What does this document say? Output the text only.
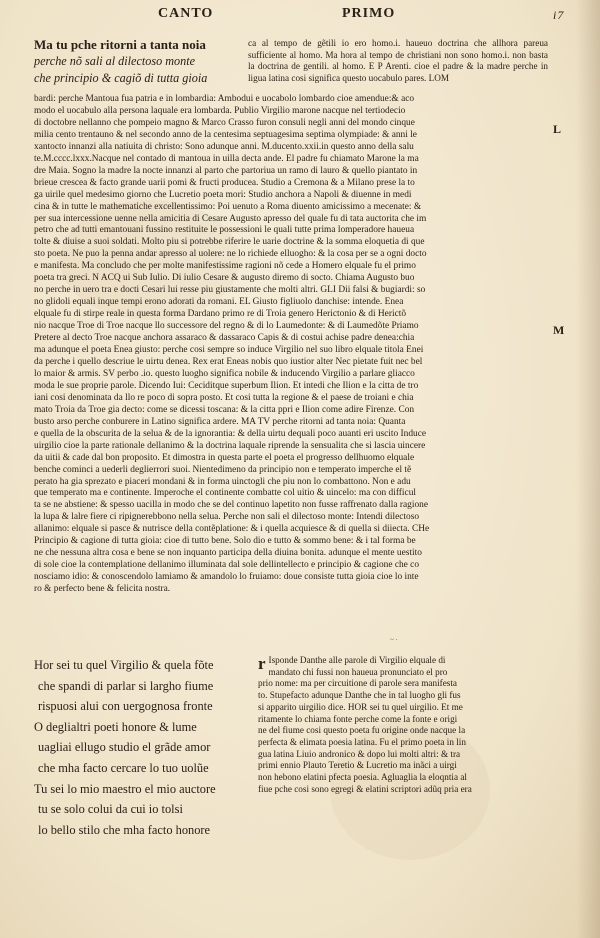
CANTO	PRIMO	i7
Ma tu pche ritorni a tanta noia
perche nõ sali al dilectoso monte
che principio & cagiõ di tutta gioia
ca al tempo de gẽtili io ero homo.i. haueuo doctrina che allhora pareua sufficiente al homo. Ma hora al tempo de christiani non sono homo.i. non basta la doctrina de gentili. al homo. E P Arenti. cioe el padre & la madre perche in ligua latina cosi significa questo uocabulo pares. LOM
bardi: perche Mantoua fua patria e in lombardia: Ambodui e uocabolo lombardo cioe amendue:& aco
modo el uocabulo alla persona laquale era lombarda. Publio Virgilio marone nacque nel tertiodecio
di doctobre nellanno che pompeio magno & Marco Crasso furon consuli negli anni del mondo cinque
milia cento trentauno & nel secondo anno de la centesima septuagesima septima olympiade: & anni le
xantocto innanzi alla natiuita di christo: Sono adunque anni. M.ducento.xxii.in questo anno della salu
te.M.cccc.lxxx.Nacque nel contado di mantoua in uilla decta ande. El padre fu chiamato Marone la ma
dre Maia. Sogno la madre la nocte innanzi al parto che partoriua un ramo di lauro & quello piantato in
brieue crescea & facto grande uarii pomi & fructi producea. Studio a Cremona & a Milano prese la to
ga uirile quel medesimo giorno che Lucretio poeta mori: Studio anchora a Napoli & diuenne in medi
cina & in tutte le mathematiche excellentissimo: Poi uenuto a Roma diuento amicissimo a mecenate: &
per sua intercessione uenne nella amicitia di Cesare Augusto apresso del quale fu di tata auctorita che im
petro che ad tutti emantouani fussino restituite le possessioni le quali tutte prima lomperadore haueua
tolte & diuise a suoi soldati. Molto piu si potrebbe riferire le uarie doctrine & la somma eloquetia di que
sto poeta. Ne puo la penna andar apresso al uolere: ne lo richiede elluogho: & la cosa per se a ogni docto
e manifesta. Ma concludo che per molte manifestissime ragioni nõ cede a Homero elquale fu el primo
poeta tra greci. N ACQ ui Sub Iulio. Di iulio Cesare & augusto diremo di socto. Chiama Augusto buo
no perche in uero tra e docti Cesari lui resse piu giustamente che molti altri. GLI Dii falsi & bugiardi: so
no glidoli equali inque tempi erono adorati da romani. EL Giusto figliuolo danchise: intende. Enea
elquale fu di stirpe reale in questa forma Dardano primo re di Troia genero Herictonio & di Herictõ
nio nacque Troe di Troe nacque llo successore del regno & di lo Laumedonte: & di Laumedõte Priamo
Pretere al decto Troe nacque anchora assaraco & dassaraco Capis & di costui achise padre denea:chia
ma adunque el poeta Enea giusto: perche cosi sempre so induce Virgilio nel suo libro elquale titola Enei
da perche i quello descriue le uirtu denea. Rex erat Eneas nobis quo iustior alter Nec pietate fuit nec bel
lo maior & armis. SV perbo .io. questo luogho significa nobile & inducendo Virgilio a parlare gliacco
moda le sue proprie parole. Dicendo Iui: Ceciditque superbum Ilion. Et intedi che Ilion e la citta de tro
iani cosi denominata da llo re poco di sopra posto. Et cosi tutta la regione & el paese de troiani e chia
mato Troia da Troe gia decto: come se dicessi toscana: & la citta ppri e Ilion come adire Firenze. Con
busto arso perche conburere in Latino significa ardere. MA TV perche ritorni ad tanta noia: Quanta
e quella de la obscurita de la selua & de la ignorantia: & della uirtu dequali poco auanti eri uscito Induce
uirgilio cioe la parte rationale dellanimo & la doctrina laquale riprende la sensualita che si lascia uincere
da uitii & cade dal bon proposito. Et dimostra in questa parte el poeta el progresso dellhuomo elquale
benche cominci a uederli deglierrori suoi. Nientedimeno da principio non e temperato imperche el tẽ
perato ha gia sprezato e piaceri mondani & in forma uinctogli che piu non lo combattono. Non e adu
que temperato ma e continente. Imperoche el continente combatte col uitio & uincelo: ma con difficul
ta se ne abstiene: & spesso uacilla in modo che se del continuo lapetito non fusse raffrenato dalla ragione
la lupa & lalre fiere ci ripignerebbono nella selua. Perche non sali el dilectoso monte: Intendi dilectoso
allanimo: elquale si pasce & nutrisce della contẽplatione: & i quella acquiesce & di quella si diiecta. CHe
Principio & cagione di tutta gioia: cioe di tutto bene. Solo dio e tutto & sommo bene: & i tal forma be
ne che nessuna altra cosa e bene se non inquanto participa della diuina bonita. adunque el mente uestito
di sole cioe la contemplatione dellanimo illuminata dal sole dellintellecto e principio & cagione che co
nosciamo idio: & conoscendolo lamiamo & amandolo lo fruiamo: doue consiste tutta gioia cioe lo inte
ro & perfecto bene & felicita nostra.
L
M
~ ·
Hor sei tu quel Virgilio & quela fõte
che spandi di parlar si largho fiume
rispuosi alui con uergognosa fronte
O deglialtri poeti honore & lume
uagliai ellugo studio el grãde amor
che mha facto cercare lo tuo uolũe
Tu sei lo mio maestro el mio auctore
tu se solo colui da cui io tolsi
lo bello stilo che mha facto honore
r Isponde Danthe alle parole di Virgilio elquale di
mandato chi fussi non haueua pronunciato el pro
prio nome: ma per circuitione di parole sera manifesta
to. Stupefacto adunque Danthe che in tal luogho gli fus
si apparito uirgilio dice. HOR sei tu quel uirgilio. Et me
ritamente lo chiama fonte perche come la fonte e origi
ne del fiume cosi questo poeta fu origine onde nacque la
perfecta & elimata poesia latina. Fu el primo poeta in lin
gua latina Liuio andronico & dopo lui molti altri: & tra
primi ennio Plauto Teretio & Lucretio ma inãci a uirgi
non hebono elatini pfecta poesia. Agluaglia la eloqntia al
fiue pche cosi sono egregi & elatini scriptori adũq pria era
